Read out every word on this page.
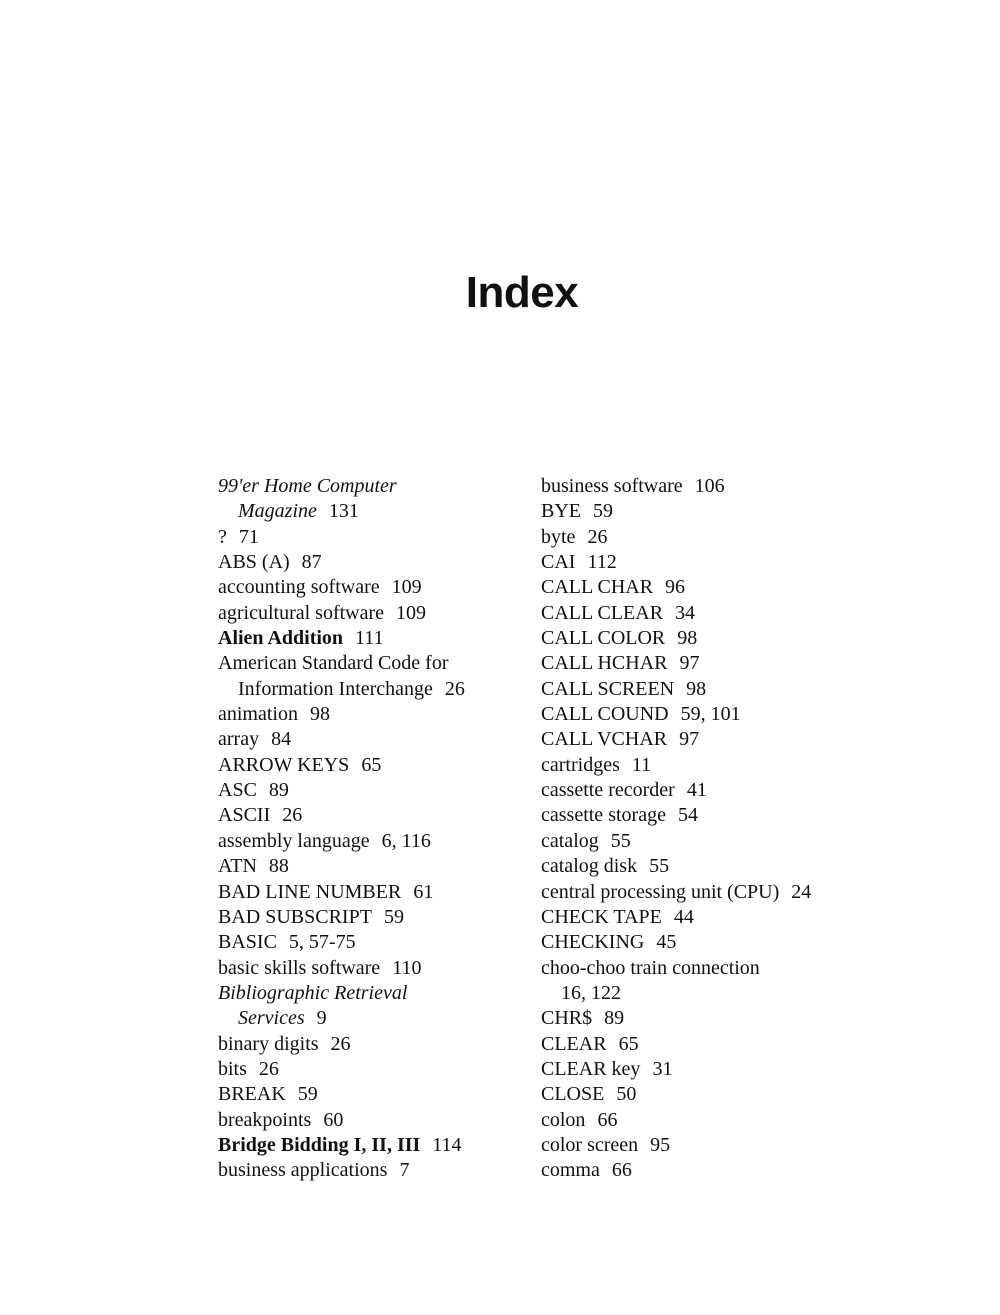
Index
99'er Home Computer
Magazine 131
? 71
ABS (A) 87
accounting software 109
agricultural software 109
Alien Addition 111
American Standard Code for
Information Interchange 26
animation 98
array 84
ARROW KEYS 65
ASC 89
ASCII 26
assembly language 6, 116
ATN 88
BAD LINE NUMBER 61
BAD SUBSCRIPT 59
BASIC 5, 57-75
basic skills software 110
Bibliographic Retrieval
Services 9
binary digits 26
bits 26
BREAK 59
breakpoints 60
Bridge Bidding I, II, III 114
business applications 7
business software 106
BYE 59
byte 26
CAI 112
CALL CHAR 96
CALL CLEAR 34
CALL COLOR 98
CALL HCHAR 97
CALL SCREEN 98
CALL COUND 59, 101
CALL VCHAR 97
cartridges 11
cassette recorder 41
cassette storage 54
catalog 55
catalog disk 55
central processing unit (CPU) 24
CHECK TAPE 44
CHECKING 45
choo-choo train connection
16, 122
CHR$ 89
CLEAR 65
CLEAR key 31
CLOSE 50
colon 66
color screen 95
comma 66
